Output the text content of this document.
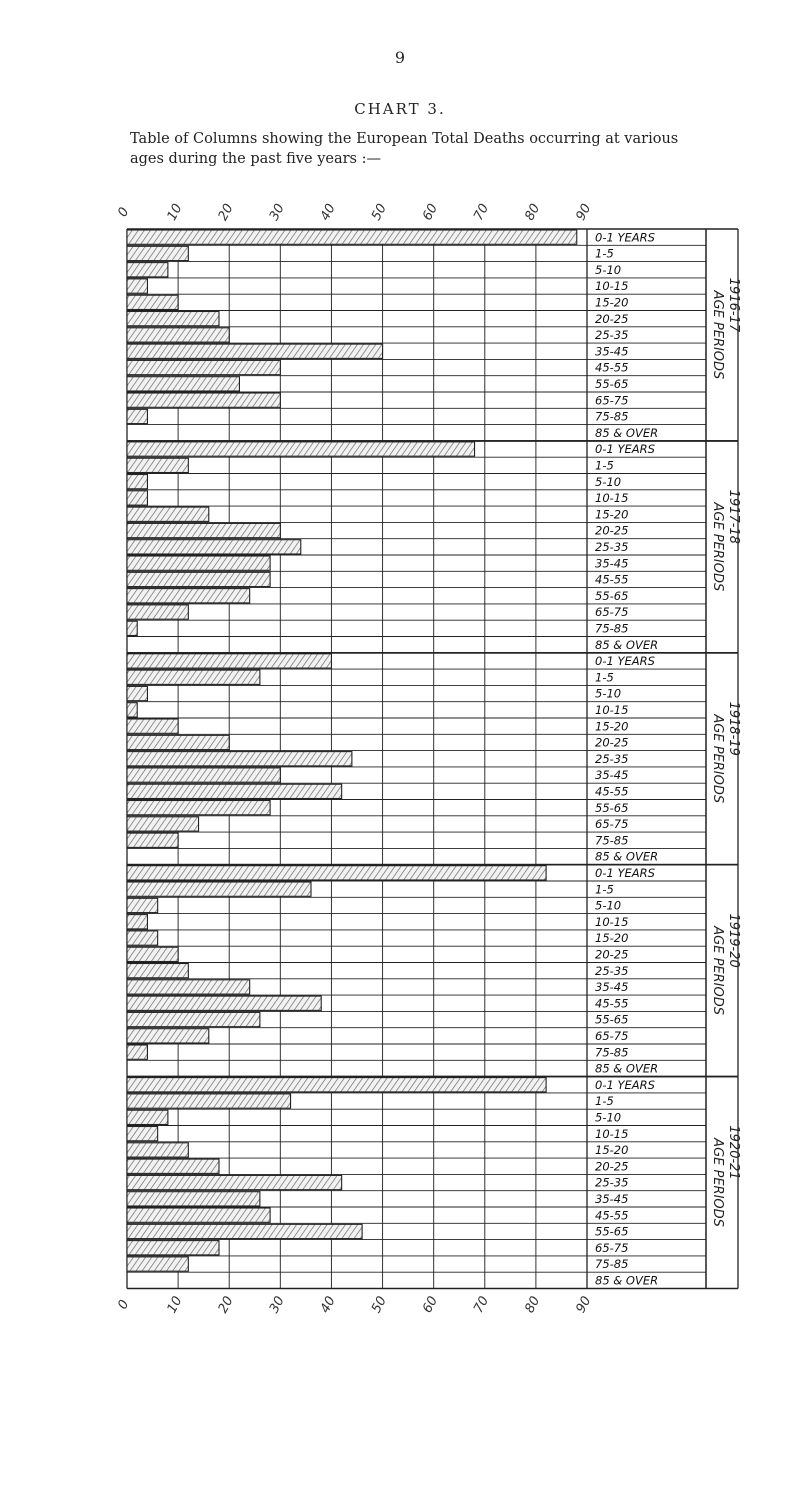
9
CHART 3.
Table of Columns showing the European Total Deaths occurring at various
ages during the past five years :—
0 10 20 30 40 50 60 70 80 90
0 10 20 30 40 50 60 70 80 90
0-1 YEARS
1-5
5-10
10-15
15-20
20-25
25-35
35-45
45-55
55-65
65-75
75-85
85 & OVER
0-1 YEARS
1-5
5-10
10-15
15-20
20-25
25-35
35-45
45-55
55-65
65-75
75-85
85 & OVER
0-1 YEARS
1-5
5-10
10-15
15-20
20-25
25-35
35-45
45-55
55-65
65-75
75-85
85 & OVER
0-1 YEARS
1-5
5-10
10-15
15-20
20-25
25-35
35-45
45-55
55-65
65-75
75-85
85 & OVER
0-1 YEARS
1-5
5-10
10-15
15-20
20-25
25-35
35-45
45-55
55-65
65-75
75-85
85 & OVER
AGE PERIODS 1916-17
AGE PERIODS 1917-18
AGE PERIODS 1918-19
AGE PERIODS 1919-20
AGE PERIODS 1920-21
